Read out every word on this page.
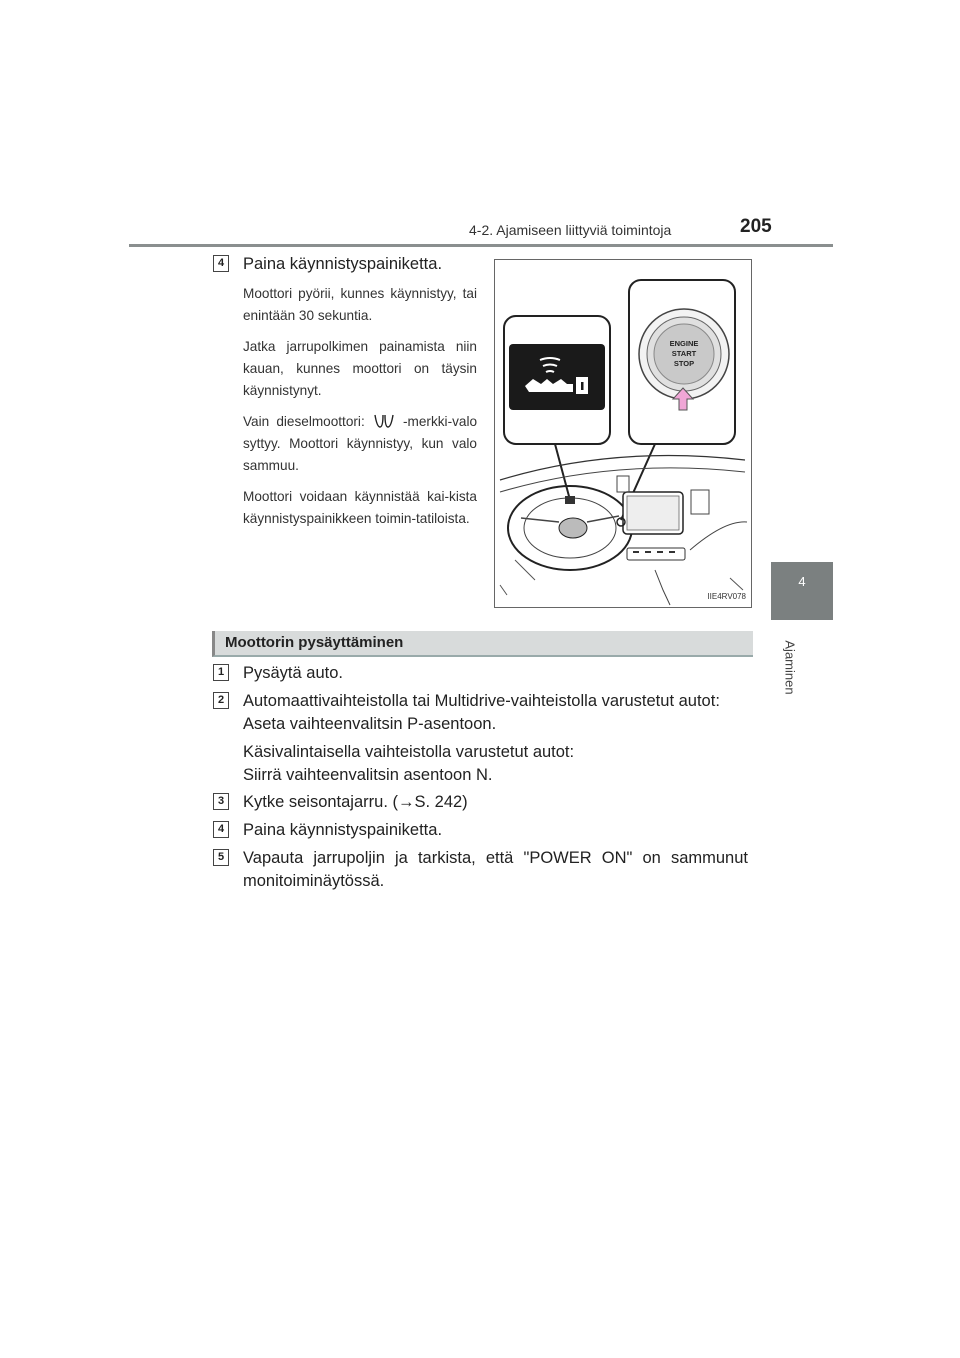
4-2. Ajamiseen liittyviä toimintoja	205
4
Ajaminen
4 Paina käynnistyspainiketta.

Moottori pyörii, kunnes käynnistyy, tai enintään 30 sekuntia.

Jatka jarrupolkimen painamista niin kauan, kunnes moottori on täysin käynnistynyt.

Vain dieselmoottori:	-merkki-valo syttyy. Moottori käynnistyy, kun valo sammuu.

Moottori voidaan käynnistää kai-kista käynnistyspainikkeen toimin-tatiloista.

ENGINE
START
STOP
IIE4RV078
Moottorin pysäyttäminen
1 Pysäytä auto.
2 Automaattivaihteistolla tai Multidrive-vaihteistolla varustetut autot:
Aseta vaihteenvalitsin P-asentoon.
Käsivalintaisella vaihteistolla varustetut autot:
Siirrä vaihteenvalitsin asentoon N.
3 Kytke seisontajarru. (→S. 242)
4 Paina käynnistyspainiketta.
5 Vapauta jarrupoljin ja tarkista, että "POWER ON" on sammunut
monitoiminäytössä.
